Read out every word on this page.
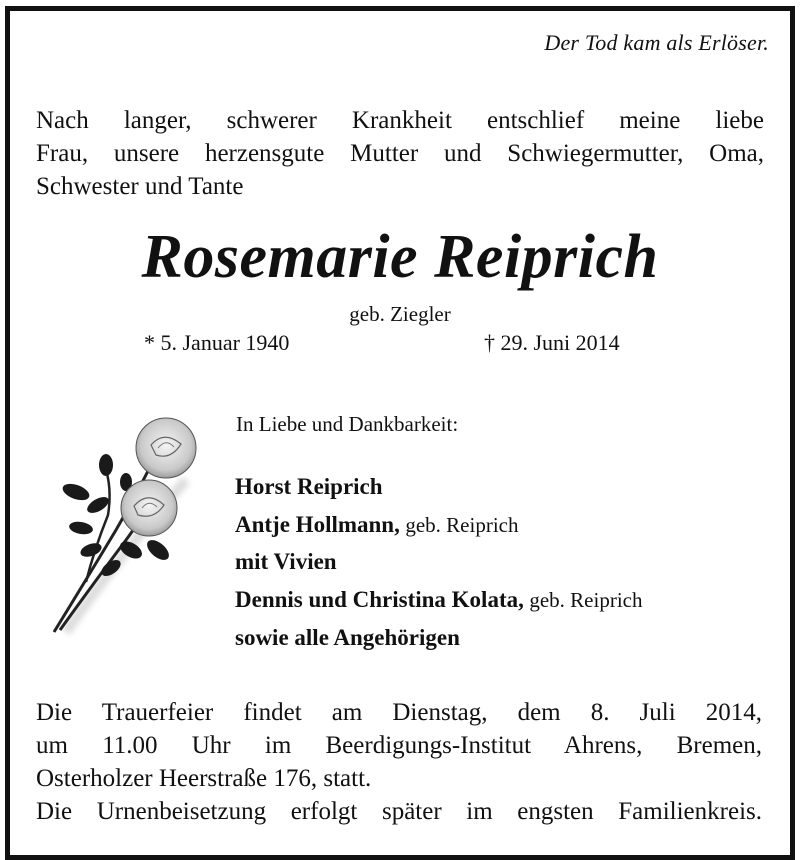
Der Tod kam als Erlöser.
Nach langer, schwerer Krankheit entschlief meine liebe
Frau, unsere herzensgute Mutter und Schwiegermutter, Oma,
Schwester und Tante
Rosemarie Reiprich
geb. Ziegler
* 5. Januar 1940	† 29. Juni 2014
In Liebe und Dankbarkeit:
Horst Reiprich
Antje Hollmann, geb. Reiprich
mit Vivien
Dennis und Christina Kolata, geb. Reiprich
sowie alle Angehörigen
Die Trauerfeier findet am Dienstag, dem 8. Juli 2014,
um 11.00 Uhr im Beerdigungs-Institut Ahrens, Bremen,
Osterholzer Heerstraße 176, statt.
Die Urnenbeisetzung erfolgt später im engsten Familienkreis.
